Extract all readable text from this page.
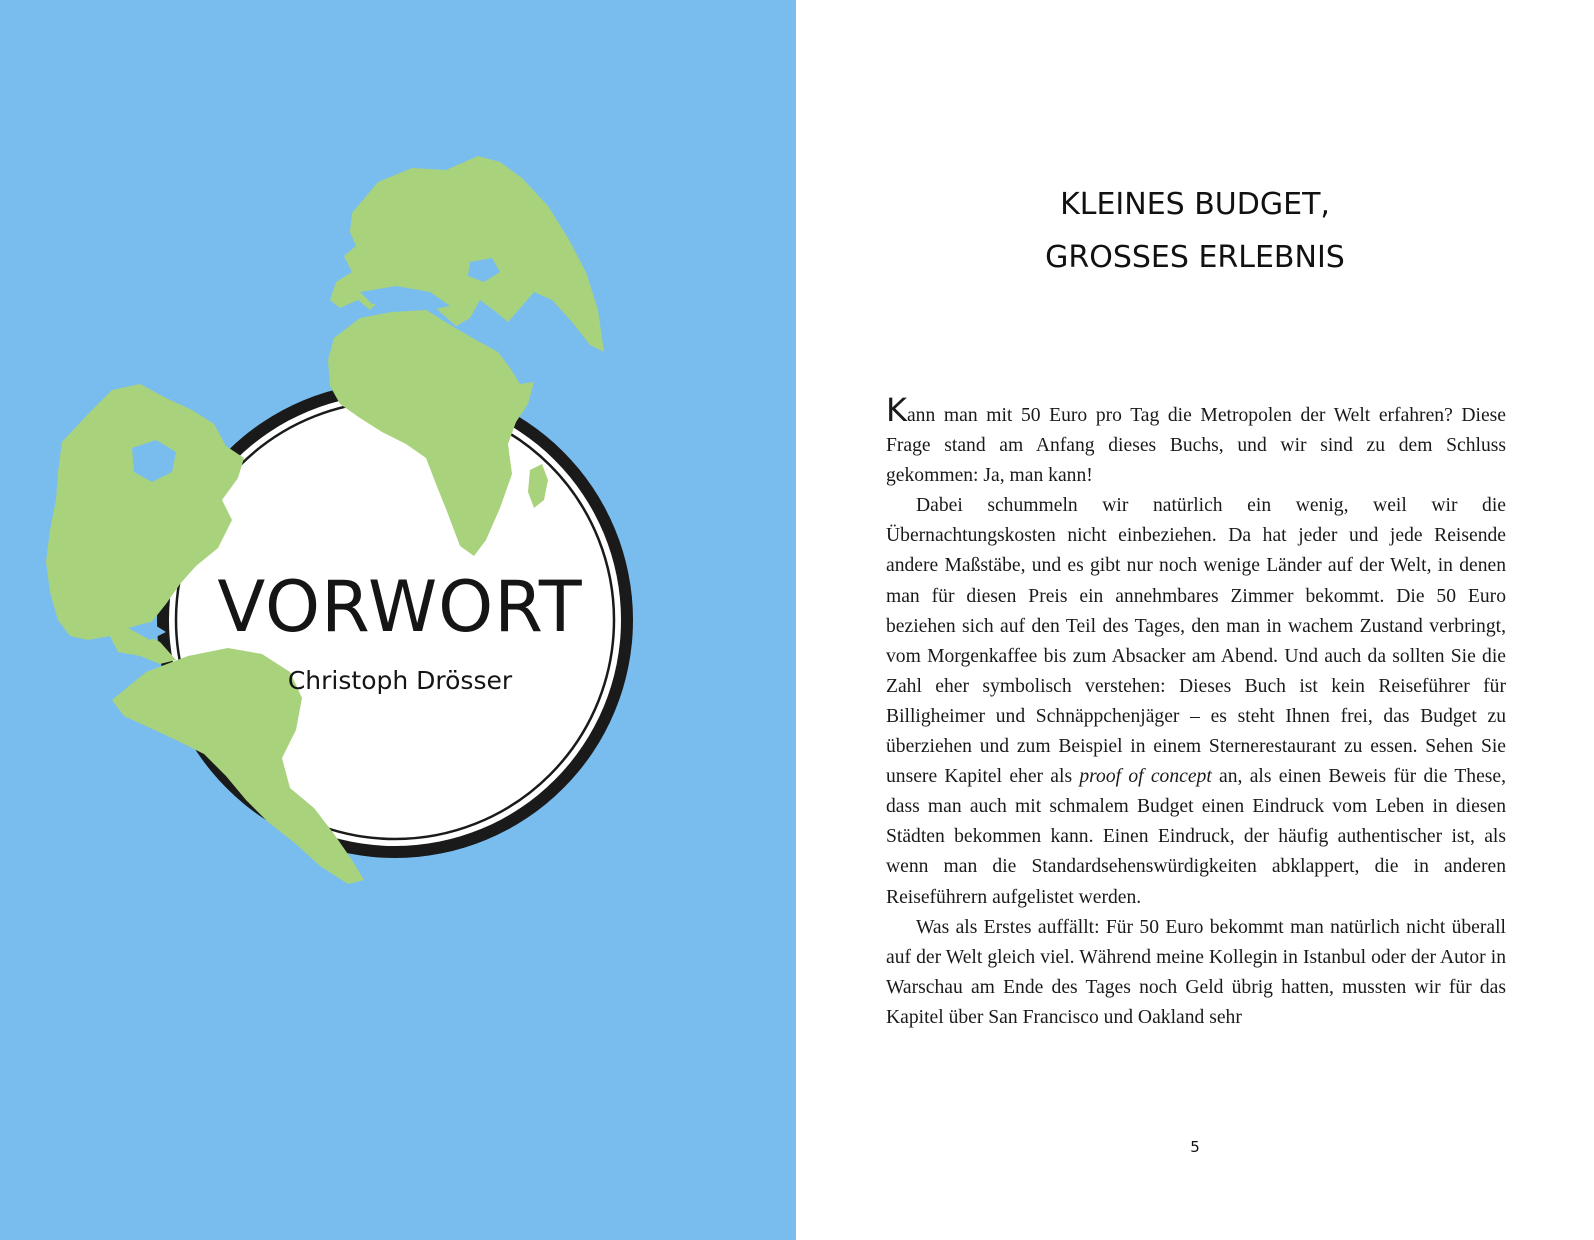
VORWORT
Christoph Drösser
KLEINES BUDGET,
GROSSES ERLEBNIS

Kann man mit 50 Euro pro Tag die Metropolen der Welt erfahren? Diese Frage stand am Anfang dieses Buchs, und wir sind zu dem Schluss gekommen: Ja, man kann!

Dabei schummeln wir natürlich ein wenig, weil wir die Übernachtungskosten nicht einbeziehen. Da hat jeder und jede Reisende andere Maßstäbe, und es gibt nur noch wenige Länder auf der Welt, in denen man für diesen Preis ein annehmbares Zimmer bekommt. Die 50 Euro beziehen sich auf den Teil des Tages, den man in wachem Zustand verbringt, vom Morgenkaffee bis zum Absacker am Abend. Und auch da sollten Sie die Zahl eher symbolisch verstehen: Dieses Buch ist kein Reiseführer für Billigheimer und Schnäppchenjäger – es steht Ihnen frei, das Budget zu überziehen und zum Beispiel in einem Sternerestaurant zu essen. Sehen Sie unsere Kapitel eher als proof of concept an, als einen Beweis für die These, dass man auch mit schmalem Budget einen Eindruck vom Leben in diesen Städten bekommen kann. Einen Eindruck, der häufig authentischer ist, als wenn man die Standardsehenswürdigkeiten abklappert, die in anderen Reiseführern aufgelistet werden.

Was als Erstes auffällt: Für 50 Euro bekommt man natürlich nicht überall auf der Welt gleich viel. Während meine Kollegin in Istanbul oder der Autor in Warschau am Ende des Tages noch Geld übrig hatten, mussten wir für das Kapitel über San Francisco und Oakland sehr

5
